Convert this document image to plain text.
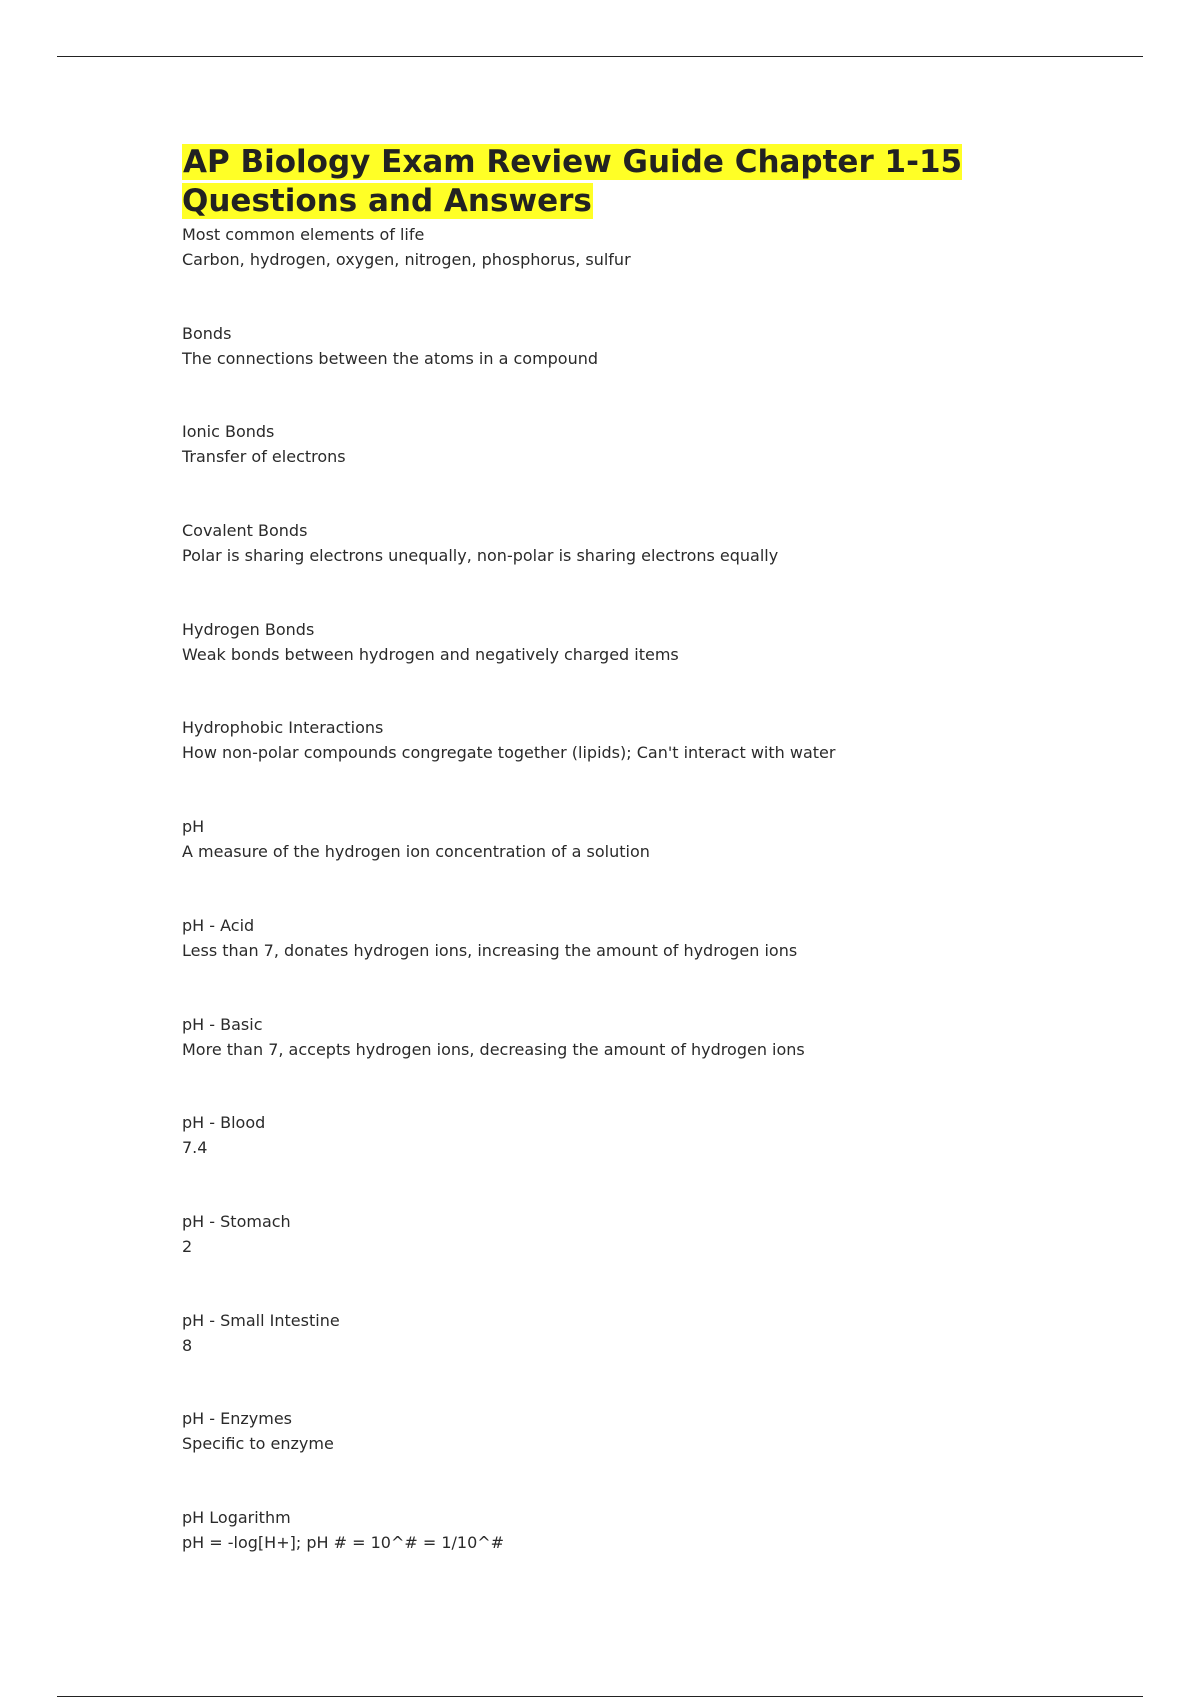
AP Biology Exam Review Guide Chapter 1-15 Questions and Answers
Most common elements of life
Carbon, hydrogen, oxygen, nitrogen, phosphorus, sulfur
Bonds
The connections between the atoms in a compound
Ionic Bonds
Transfer of electrons
Covalent Bonds
Polar is sharing electrons unequally, non-polar is sharing electrons equally
Hydrogen Bonds
Weak bonds between hydrogen and negatively charged items
Hydrophobic Interactions
How non-polar compounds congregate together (lipids); Can't interact with water
pH
A measure of the hydrogen ion concentration of a solution
pH - Acid
Less than 7, donates hydrogen ions, increasing the amount of hydrogen ions
pH - Basic
More than 7, accepts hydrogen ions, decreasing the amount of hydrogen ions
pH - Blood
7.4
pH - Stomach
2
pH - Small Intestine
8
pH - Enzymes
Specific to enzyme
pH Logarithm
pH = -log[H+]; pH # = 10^# = 1/10^#
